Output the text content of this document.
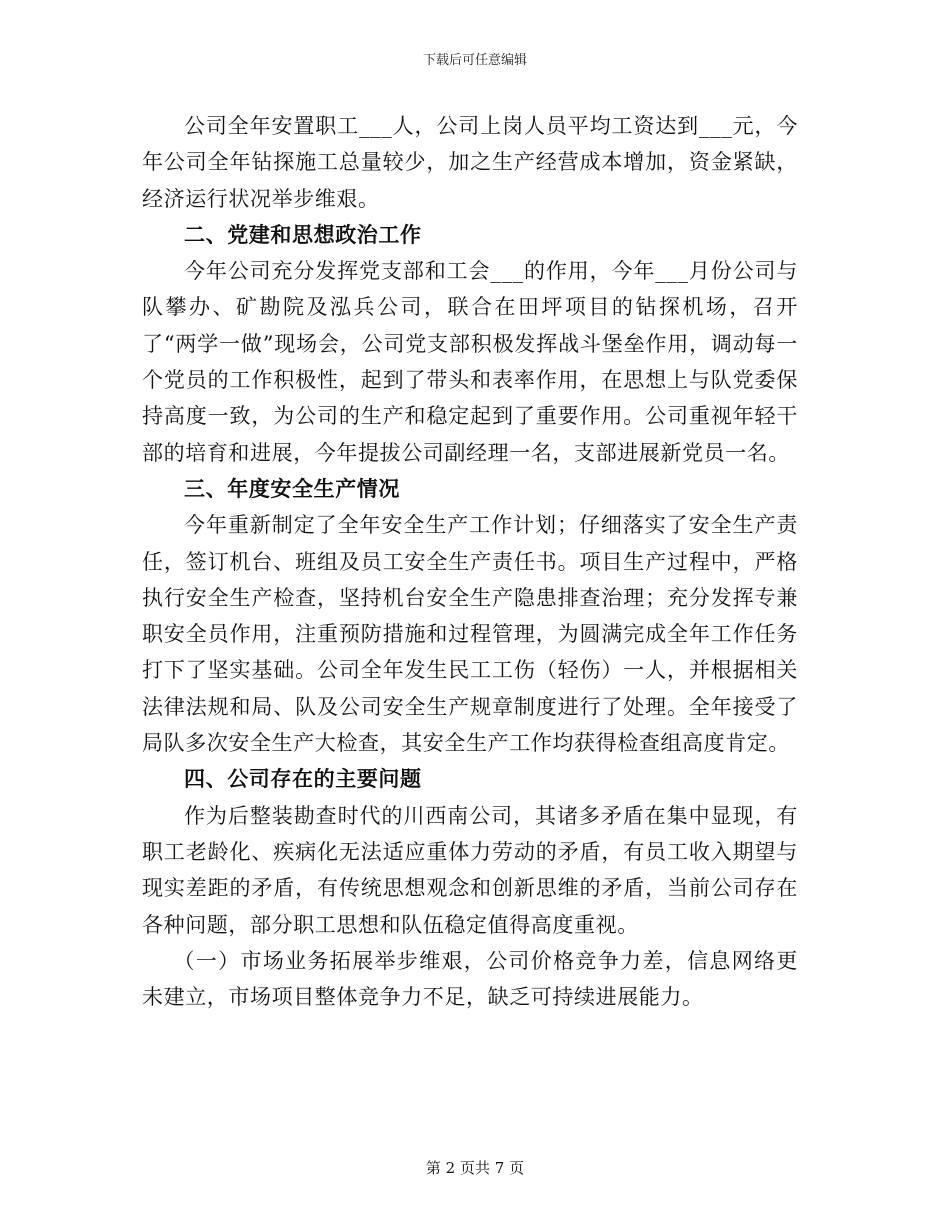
下载后可任意编辑

公司全年安置职工___人，公司上岗人员平均工资达到___元，今年公司全年钻探施工总量较少，加之生产经营成本增加，资金紧缺，经济运行状况举步维艰。

二、党建和思想政治工作

今年公司充分发挥党支部和工会___的作用，今年___月份公司与队攀办、矿勘院及泓兵公司，联合在田坪项目的钻探机场，召开了“两学一做”现场会，公司党支部积极发挥战斗堡垒作用，调动每一个党员的工作积极性，起到了带头和表率作用，在思想上与队党委保持高度一致，为公司的生产和稳定起到了重要作用。公司重视年轻干部的培育和进展，今年提拔公司副经理一名，支部进展新党员一名。

三、年度安全生产情况

今年重新制定了全年安全生产工作计划；仔细落实了安全生产责任，签订机台、班组及员工安全生产责任书。项目生产过程中，严格执行安全生产检查，坚持机台安全生产隐患排查治理；充分发挥专兼职安全员作用，注重预防措施和过程管理，为圆满完成全年工作任务打下了坚实基础。公司全年发生民工工伤（轻伤）一人，并根据相关法律法规和局、队及公司安全生产规章制度进行了处理。全年接受了局队多次安全生产大检查，其安全生产工作均获得检查组高度肯定。

四、公司存在的主要问题

作为后整装勘查时代的川西南公司，其诸多矛盾在集中显现，有职工老龄化、疾病化无法适应重体力劳动的矛盾，有员工收入期望与现实差距的矛盾，有传统思想观念和创新思维的矛盾，当前公司存在各种问题，部分职工思想和队伍稳定值得高度重视。

（一）市场业务拓展举步维艰，公司价格竞争力差，信息网络更未建立，市场项目整体竞争力不足，缺乏可持续进展能力。

第 2 页共 7 页
